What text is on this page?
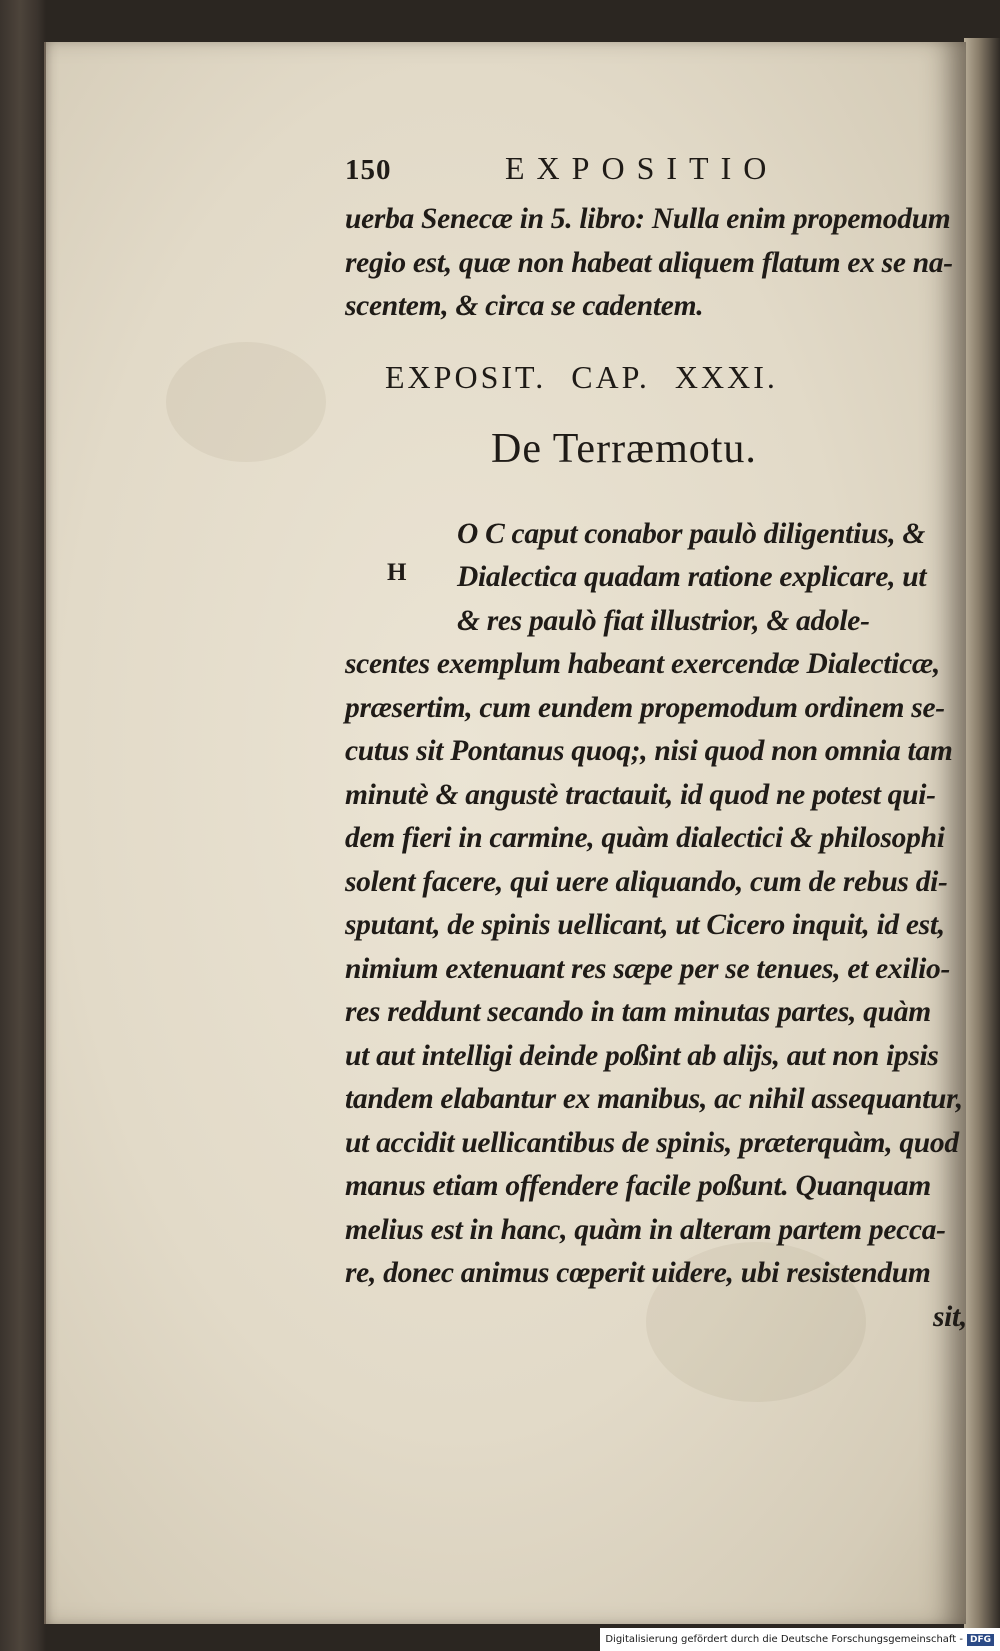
150	EXPOSITIO
uerba Senecæ in 5. libro: Nulla enim propemodum
regio est, quæ non habeat aliquem flatum ex se na-
scentem, & circa se cadentem.
EXPOSIT. CAP. XXXI.
De Terræmotu.
H
O C caput conabor paulò diligentius, &
Dialectica quadam ratione explicare, ut
& res paulò fiat illustrior, & adole-
scentes exemplum habeant exercendæ Dialecticæ,
præsertim, cum eundem propemodum ordinem se-
cutus sit Pontanus quoq;, nisi quod non omnia tam
minutè & angustè tractauit, id quod ne potest qui-
dem fieri in carmine, quàm dialectici & philosophi
solent facere, qui uere aliquando, cum de rebus di-
sputant, de spinis uellicant, ut Cicero inquit, id est,
nimium extenuant res sæpe per se tenues, et exilio-
res reddunt secando in tam minutas partes, quàm
ut aut intelligi deinde poßint ab alijs, aut non ipsis
tandem elabantur ex manibus, ac nihil assequantur,
ut accidit uellicantibus de spinis, præterquàm, quod
manus etiam offendere facile poßunt. Quanquam
melius est in hanc, quàm in alteram partem pecca-
re, donec animus cœperit uidere, ubi resistendum
sit,
Digitalisierung gefördert durch die Deutsche Forschungsgemeinschaft - DFG
